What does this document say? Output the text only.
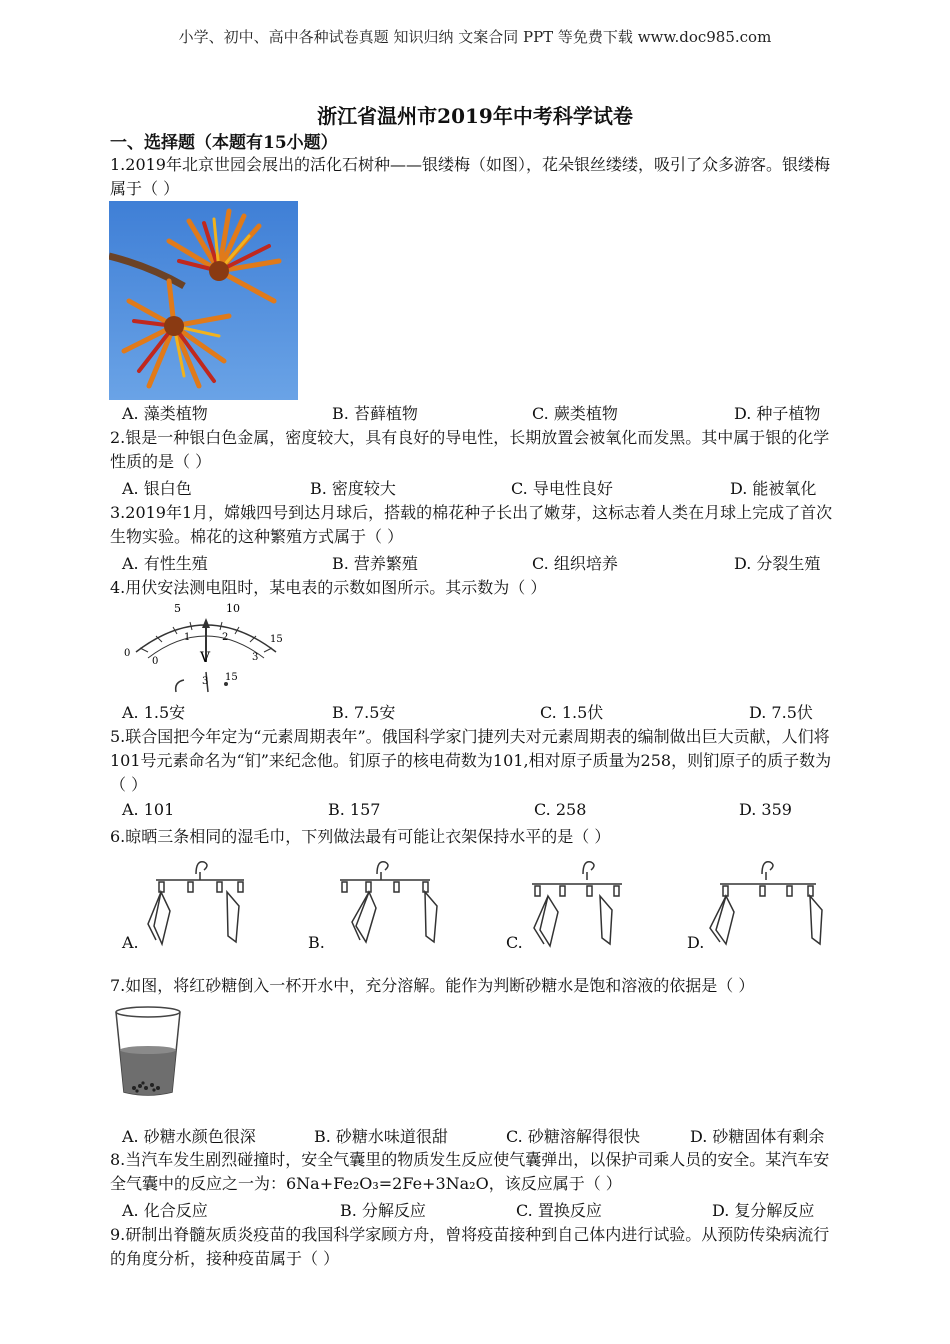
小学、初中、高中各种试卷真题 知识归纳 文案合同 PPT 等免费下载 www.doc985.com
浙江省温州市2019年中考科学试卷
一、选择题（本题有15小题）
1.2019年北京世园会展出的活化石树种——银缕梅（如图），花朵银丝缕缕，吸引了众多游客。银缕梅属于（ ）
A. 藻类植物	B. 苔藓植物	C. 蕨类植物	D. 种子植物
2.银是一种银白色金属，密度较大，具有良好的导电性，长期放置会被氧化而发黑。其中属于银的化学性质的是（ ）
A. 银白色	B. 密度较大	C. 导电性良好	D. 能被氧化
3.2019年1月，嫦娥四号到达月球后，搭载的棉花种子长出了嫩芽，这标志着人类在月球上完成了首次生物实验。棉花的这种繁殖方式属于（ ）
A. 有性生殖	B. 营养繁殖	C. 组织培养	D. 分裂生殖
4.用伏安法测电阻时，某电表的示数如图所示。其示数为（ ）
5	10
1	2
0
0
15
3
V
3 15
A. 1.5安	B. 7.5安	C. 1.5伏	D. 7.5伏
5.联合国把今年定为“元素周期表年”。俄国科学家门捷列夫对元素周期表的编制做出巨大贡献，人们将101号元素命名为“钔”来纪念他。钔原子的核电荷数为101,相对原子质量为258，则钔原子的质子数为（ ）
A. 101	B. 157	C. 258	D. 359
6.晾晒三条相同的湿毛巾，下列做法最有可能让衣架保持水平的是（ ）
A.	B.	C.	D.
7.如图，将红砂糖倒入一杯开水中，充分溶解。能作为判断砂糖水是饱和溶液的依据是（ ）
A. 砂糖水颜色很深	B. 砂糖水味道很甜	C. 砂糖溶解得很快	D. 砂糖固体有剩余
8.当汽车发生剧烈碰撞时，安全气囊里的物质发生反应使气囊弹出，以保护司乘人员的安全。某汽车安全气囊中的反应之一为：6Na+Fe₂O₃=2Fe+3Na₂O，该反应属于（ ）
A. 化合反应	B. 分解反应	C. 置换反应	D. 复分解反应
9.研制出脊髓灰质炎疫苗的我国科学家顾方舟，曾将疫苗接种到自己体内进行试验。从预防传染病流行的角度分析，接种疫苗属于（ ）
